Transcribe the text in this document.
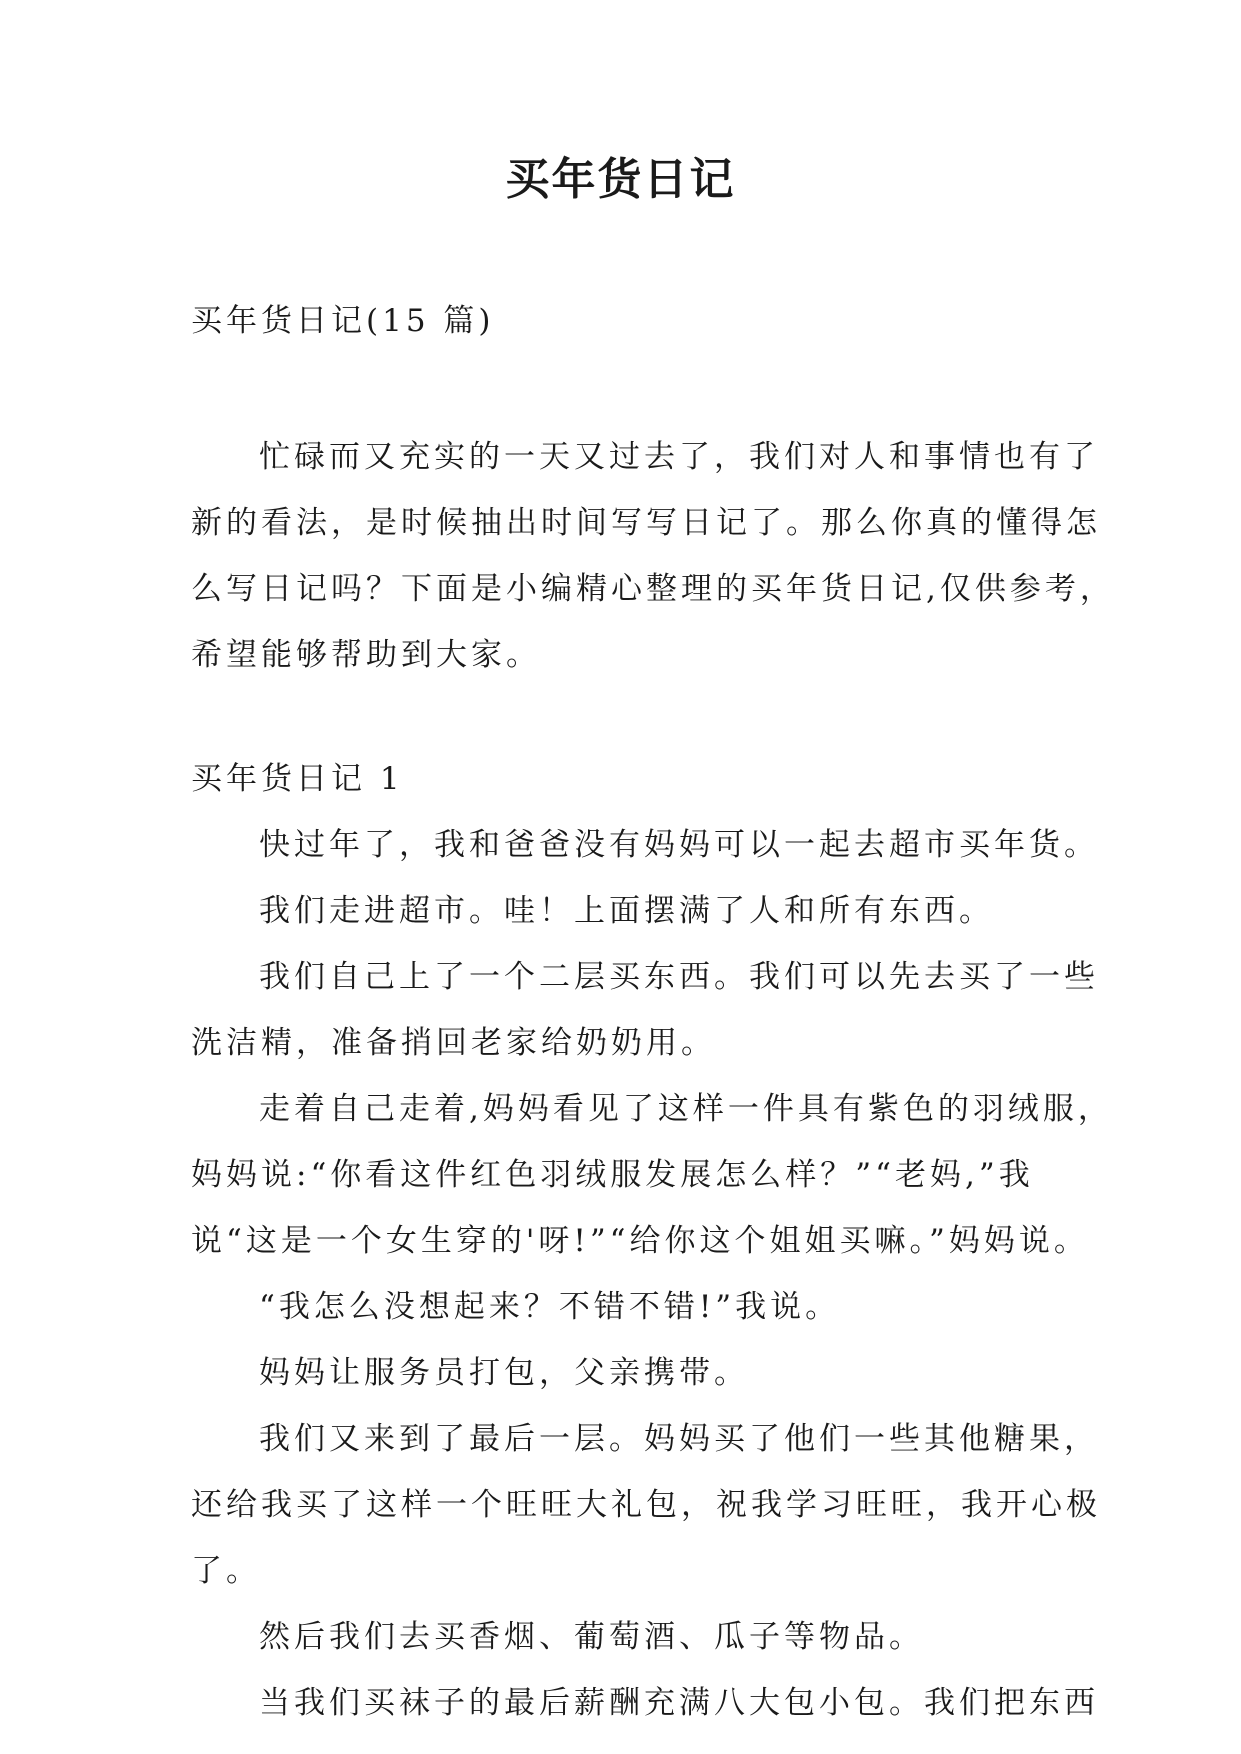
买年货日记

买年货日记(15 篇)

忙碌而又充实的一天又过去了，我们对人和事情也有了

新的看法，是时候抽出时间写写日记了。那么你真的懂得怎

么写日记吗？下面是小编精心整理的买年货日记,仅供参考，

希望能够帮助到大家。

买年货日记 1

快过年了，我和爸爸没有妈妈可以一起去超市买年货。

我们走进超市。哇！上面摆满了人和所有东西。

我们自己上了一个二层买东西。我们可以先去买了一些

洗洁精，准备捎回老家给奶奶用。

走着自己走着,妈妈看见了这样一件具有紫色的羽绒服，

妈妈说:“你看这件红色羽绒服发展怎么样？”“老妈,”我

说“这是一个女生穿的'呀!”“给你这个姐姐买嘛。”妈妈说。

“我怎么没想起来？不错不错!”我说。

妈妈让服务员打包，父亲携带。

我们又来到了最后一层。妈妈买了他们一些其他糖果，

还给我买了这样一个旺旺大礼包，祝我学习旺旺，我开心极

了。

然后我们去买香烟、葡萄酒、瓜子等物品。

当我们买袜子的最后薪酬充满八大包小包。我们把东西
